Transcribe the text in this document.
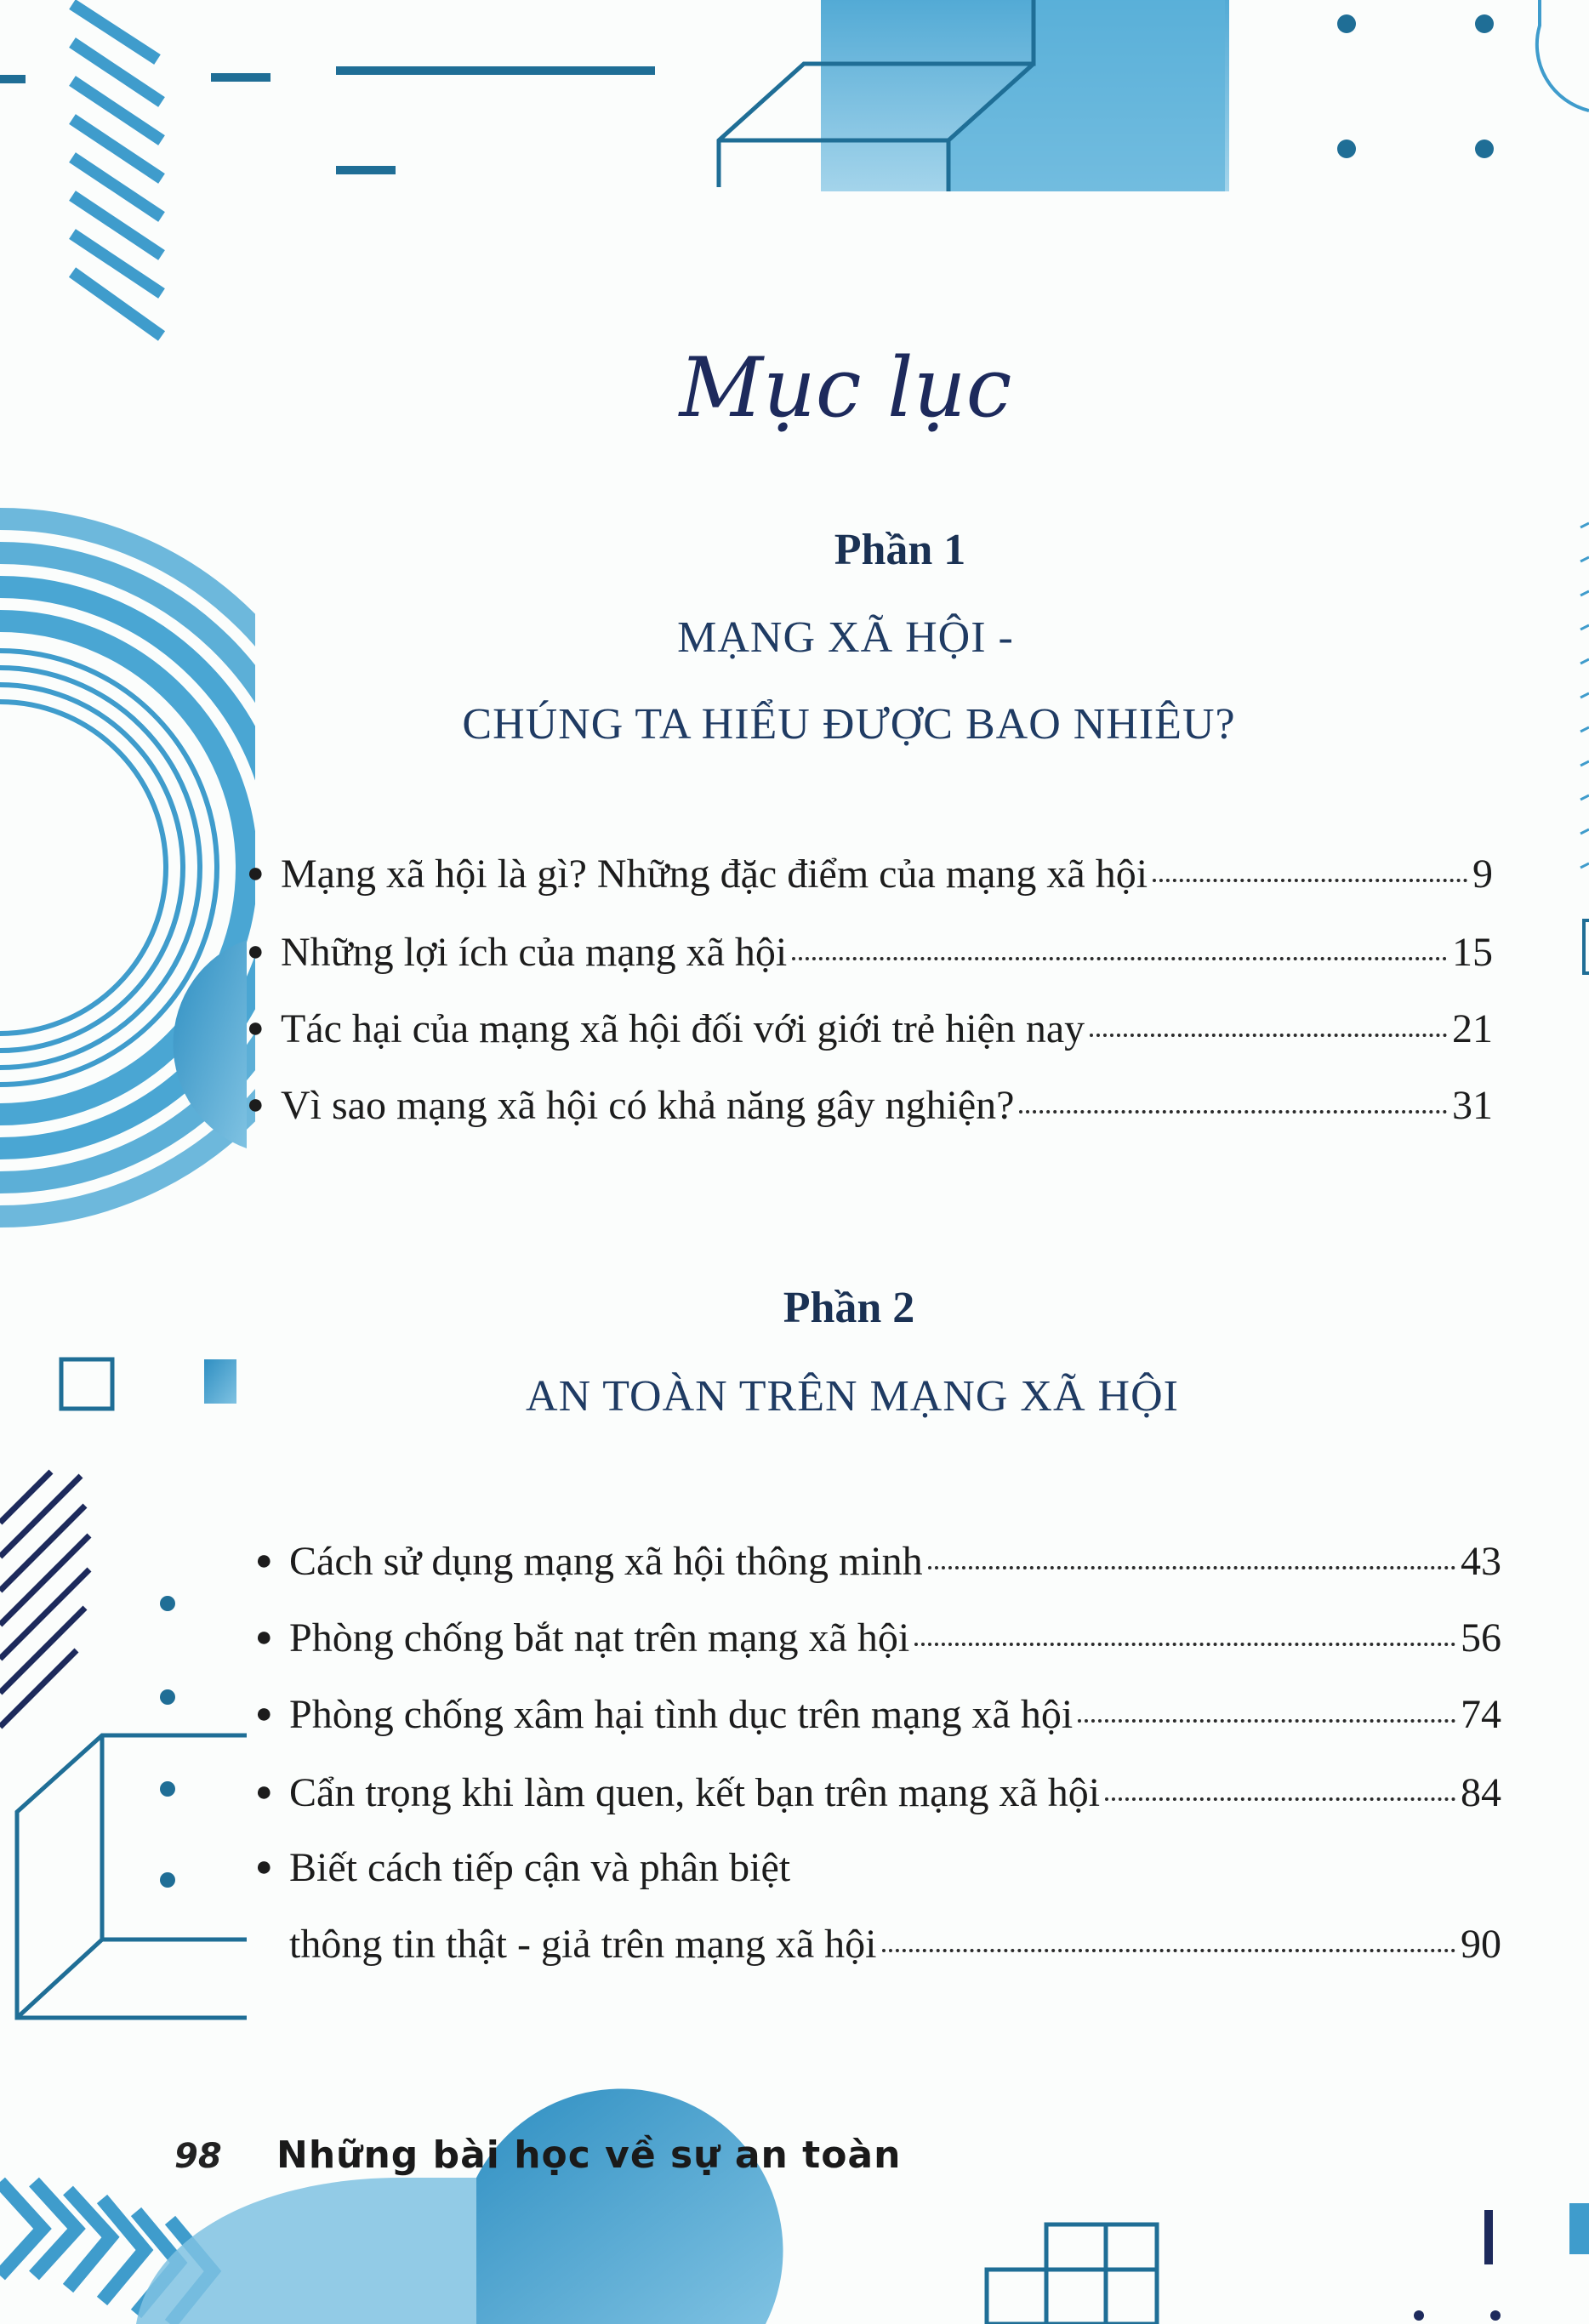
Mục lục
Phần 1
MẠNG XÃ HỘI -
CHÚNG TA HIỂU ĐƯỢC BAO NHIÊU?
● Mạng xã hội là gì? Những đặc điểm của mạng xã hội	9
● Những lợi ích của mạng xã hội	15
● Tác hại của mạng xã hội đối với giới trẻ hiện nay	21
● Vì sao mạng xã hội có khả năng gây nghiện?	31
Phần 2
AN TOÀN TRÊN MẠNG XÃ HỘI
● Cách sử dụng mạng xã hội thông minh	43
● Phòng chống bắt nạt trên mạng xã hội	56
● Phòng chống xâm hại tình dục trên mạng xã hội	74
● Cẩn trọng khi làm quen, kết bạn trên mạng xã hội	84
● Biết cách tiếp cận và phân biệt
thông tin thật - giả trên mạng xã hội	90
98 Những bài học về sự an toàn
